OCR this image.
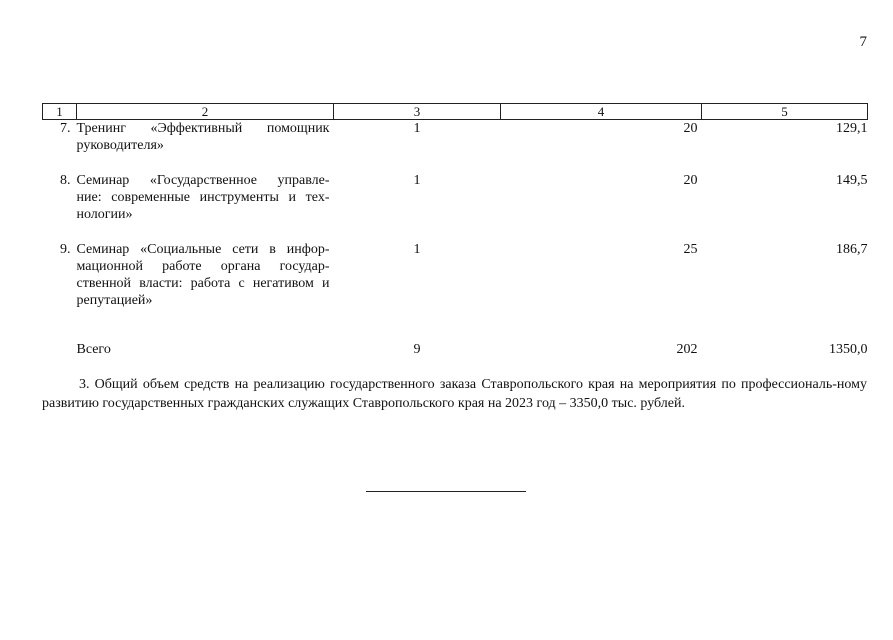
7
1	2	3	4	5
7.	Тренинг «Эффективный помощник
руководителя»	1	20	129,1
8.	Семинар «Государственное управле-
ние: современные инструменты и тех-
нологии»	1	20	149,5
9.	Семинар «Социальные сети в инфор-
мационной работе органа государ-
ственной власти: работа с негативом и
репутацией»	1	25	186,7
	Всего	9	202	1350,0
3. Общий объем средств на реализацию государственного заказа Ставропольского края на мероприятия по профессиональ-ному развитию государственных гражданских служащих Ставропольского края на 2023 год – 3350,0 тыс. рублей.
